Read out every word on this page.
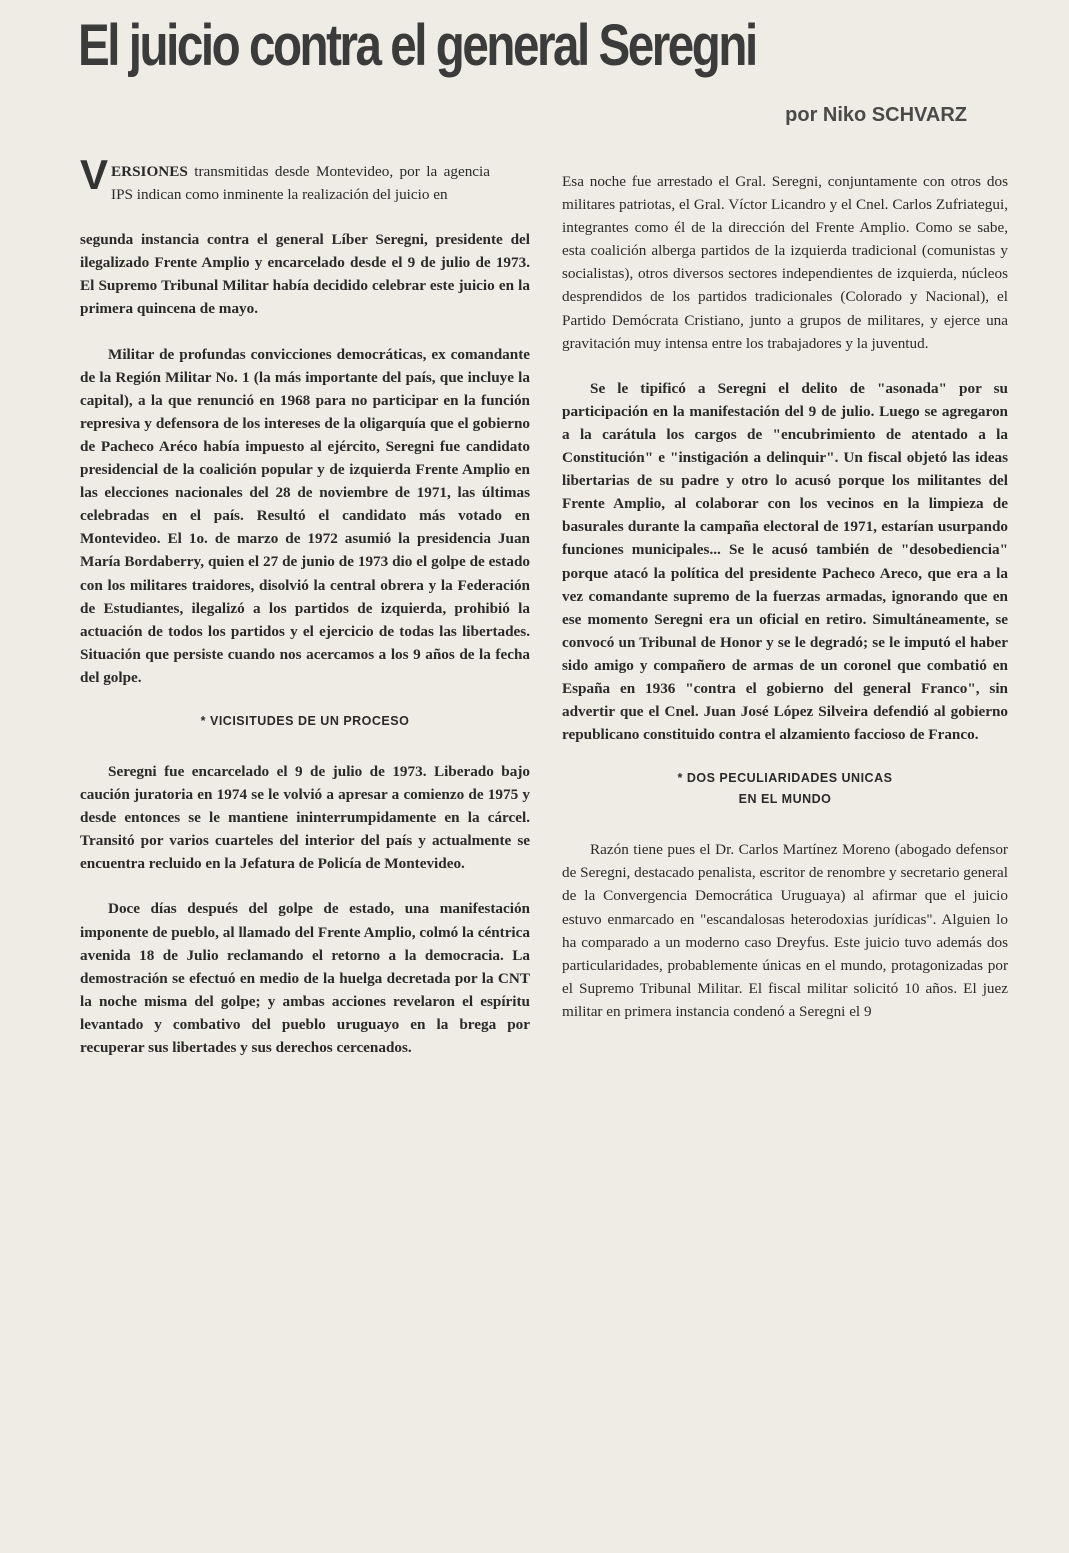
El juicio contra el general Seregni
por Niko SCHVARZ

VERSIONES transmitidas desde Montevideo, por la agencia IPS indican como inminente la realización del juicio en

segunda instancia contra el general Líber Seregni, presidente del ilegalizado Frente Amplio y encarcelado desde el 9 de julio de 1973. El Supremo Tribunal Militar había decidido celebrar este juicio en la primera quincena de mayo.

Militar de profundas convicciones democráticas, ex comandante de la Región Militar No. 1 (la más importante del país, que incluye la capital), a la que renunció en 1968 para no participar en la función represiva y defensora de los intereses de la oligarquía que el gobierno de Pacheco Aréco había impuesto al ejército, Seregni fue candidato presidencial de la coalición popular y de izquierda Frente Amplio en las elecciones nacionales del 28 de noviembre de 1971, las últimas celebradas en el país. Resultó el candidato más votado en Montevideo. El 1o. de marzo de 1972 asumió la presidencia Juan María Bordaberry, quien el 27 de junio de 1973 dio el golpe de estado con los militares traidores, disolvió la central obrera y la Federación de Estudiantes, ilegalizó a los partidos de izquierda, prohibió la actuación de todos los partidos y el ejercicio de todas las libertades. Situación que persiste cuando nos acercamos a los 9 años de la fecha del golpe.

* VICISITUDES DE UN PROCESO

Seregni fue encarcelado el 9 de julio de 1973. Liberado bajo caución juratoria en 1974 se le volvió a apresar a comienzo de 1975 y desde entonces se le mantiene ininterrumpidamente en la cárcel. Transitó por varios cuarteles del interior del país y actualmente se encuentra recluido en la Jefatura de Policía de Montevideo.

Doce días después del golpe de estado, una manifestación imponente de pueblo, al llamado del Frente Amplio, colmó la céntrica avenida 18 de Julio reclamando el retorno a la democracia. La demostración se efectuó en medio de la huelga decretada por la CNT la noche misma del golpe; y ambas acciones revelaron el espíritu levantado y combativo del pueblo uruguayo en la brega por recuperar sus libertades y sus derechos cercenados.

Esa noche fue arrestado el Gral. Seregni, conjuntamente con otros dos militares patriotas, el Gral. Víctor Licandro y el Cnel. Carlos Zufriategui, integrantes como él de la dirección del Frente Amplio. Como se sabe, esta coalición alberga partidos de la izquierda tradicional (comunistas y socialistas), otros diversos sectores independientes de izquierda, núcleos desprendidos de los partidos tradicionales (Colorado y Nacional), el Partido Demócrata Cristiano, junto a grupos de militares, y ejerce una gravitación muy intensa entre los trabajadores y la juventud.

Se le tipificó a Seregni el delito de "asonada" por su participación en la manifestación del 9 de julio. Luego se agregaron a la carátula los cargos de "encubrimiento de atentado a la Constitución" e "instigación a delinquir". Un fiscal objetó las ideas libertarias de su padre y otro lo acusó porque los militantes del Frente Amplio, al colaborar con los vecinos en la limpieza de basurales durante la campaña electoral de 1971, estarían usurpando funciones municipales... Se le acusó también de "desobediencia" porque atacó la política del presidente Pacheco Areco, que era a la vez comandante supremo de la fuerzas armadas, ignorando que en ese momento Seregni era un oficial en retiro. Simultáneamente, se convocó un Tribunal de Honor y se le degradó; se le imputó el haber sido amigo y compañero de armas de un coronel que combatió en España en 1936 "contra el gobierno del general Franco", sin advertir que el Cnel. Juan José López Silveira defendió al gobierno republicano constituido contra el alzamiento faccioso de Franco.

* DOS PECULIARIDADES UNICAS
EN EL MUNDO

Razón tiene pues el Dr. Carlos Martínez Moreno (abogado defensor de Seregni, destacado penalista, escritor de renombre y secretario general de la Convergencia Democrática Uruguaya) al afirmar que el juicio estuvo enmarcado en "escandalosas heterodoxias jurídicas". Alguien lo ha comparado a un moderno caso Dreyfus. Este juicio tuvo además dos particularidades, probablemente únicas en el mundo, protagonizadas por el Supremo Tribunal Militar. El fiscal militar solicitó 10 años. El juez militar en primera instancia condenó a Seregni el 9
